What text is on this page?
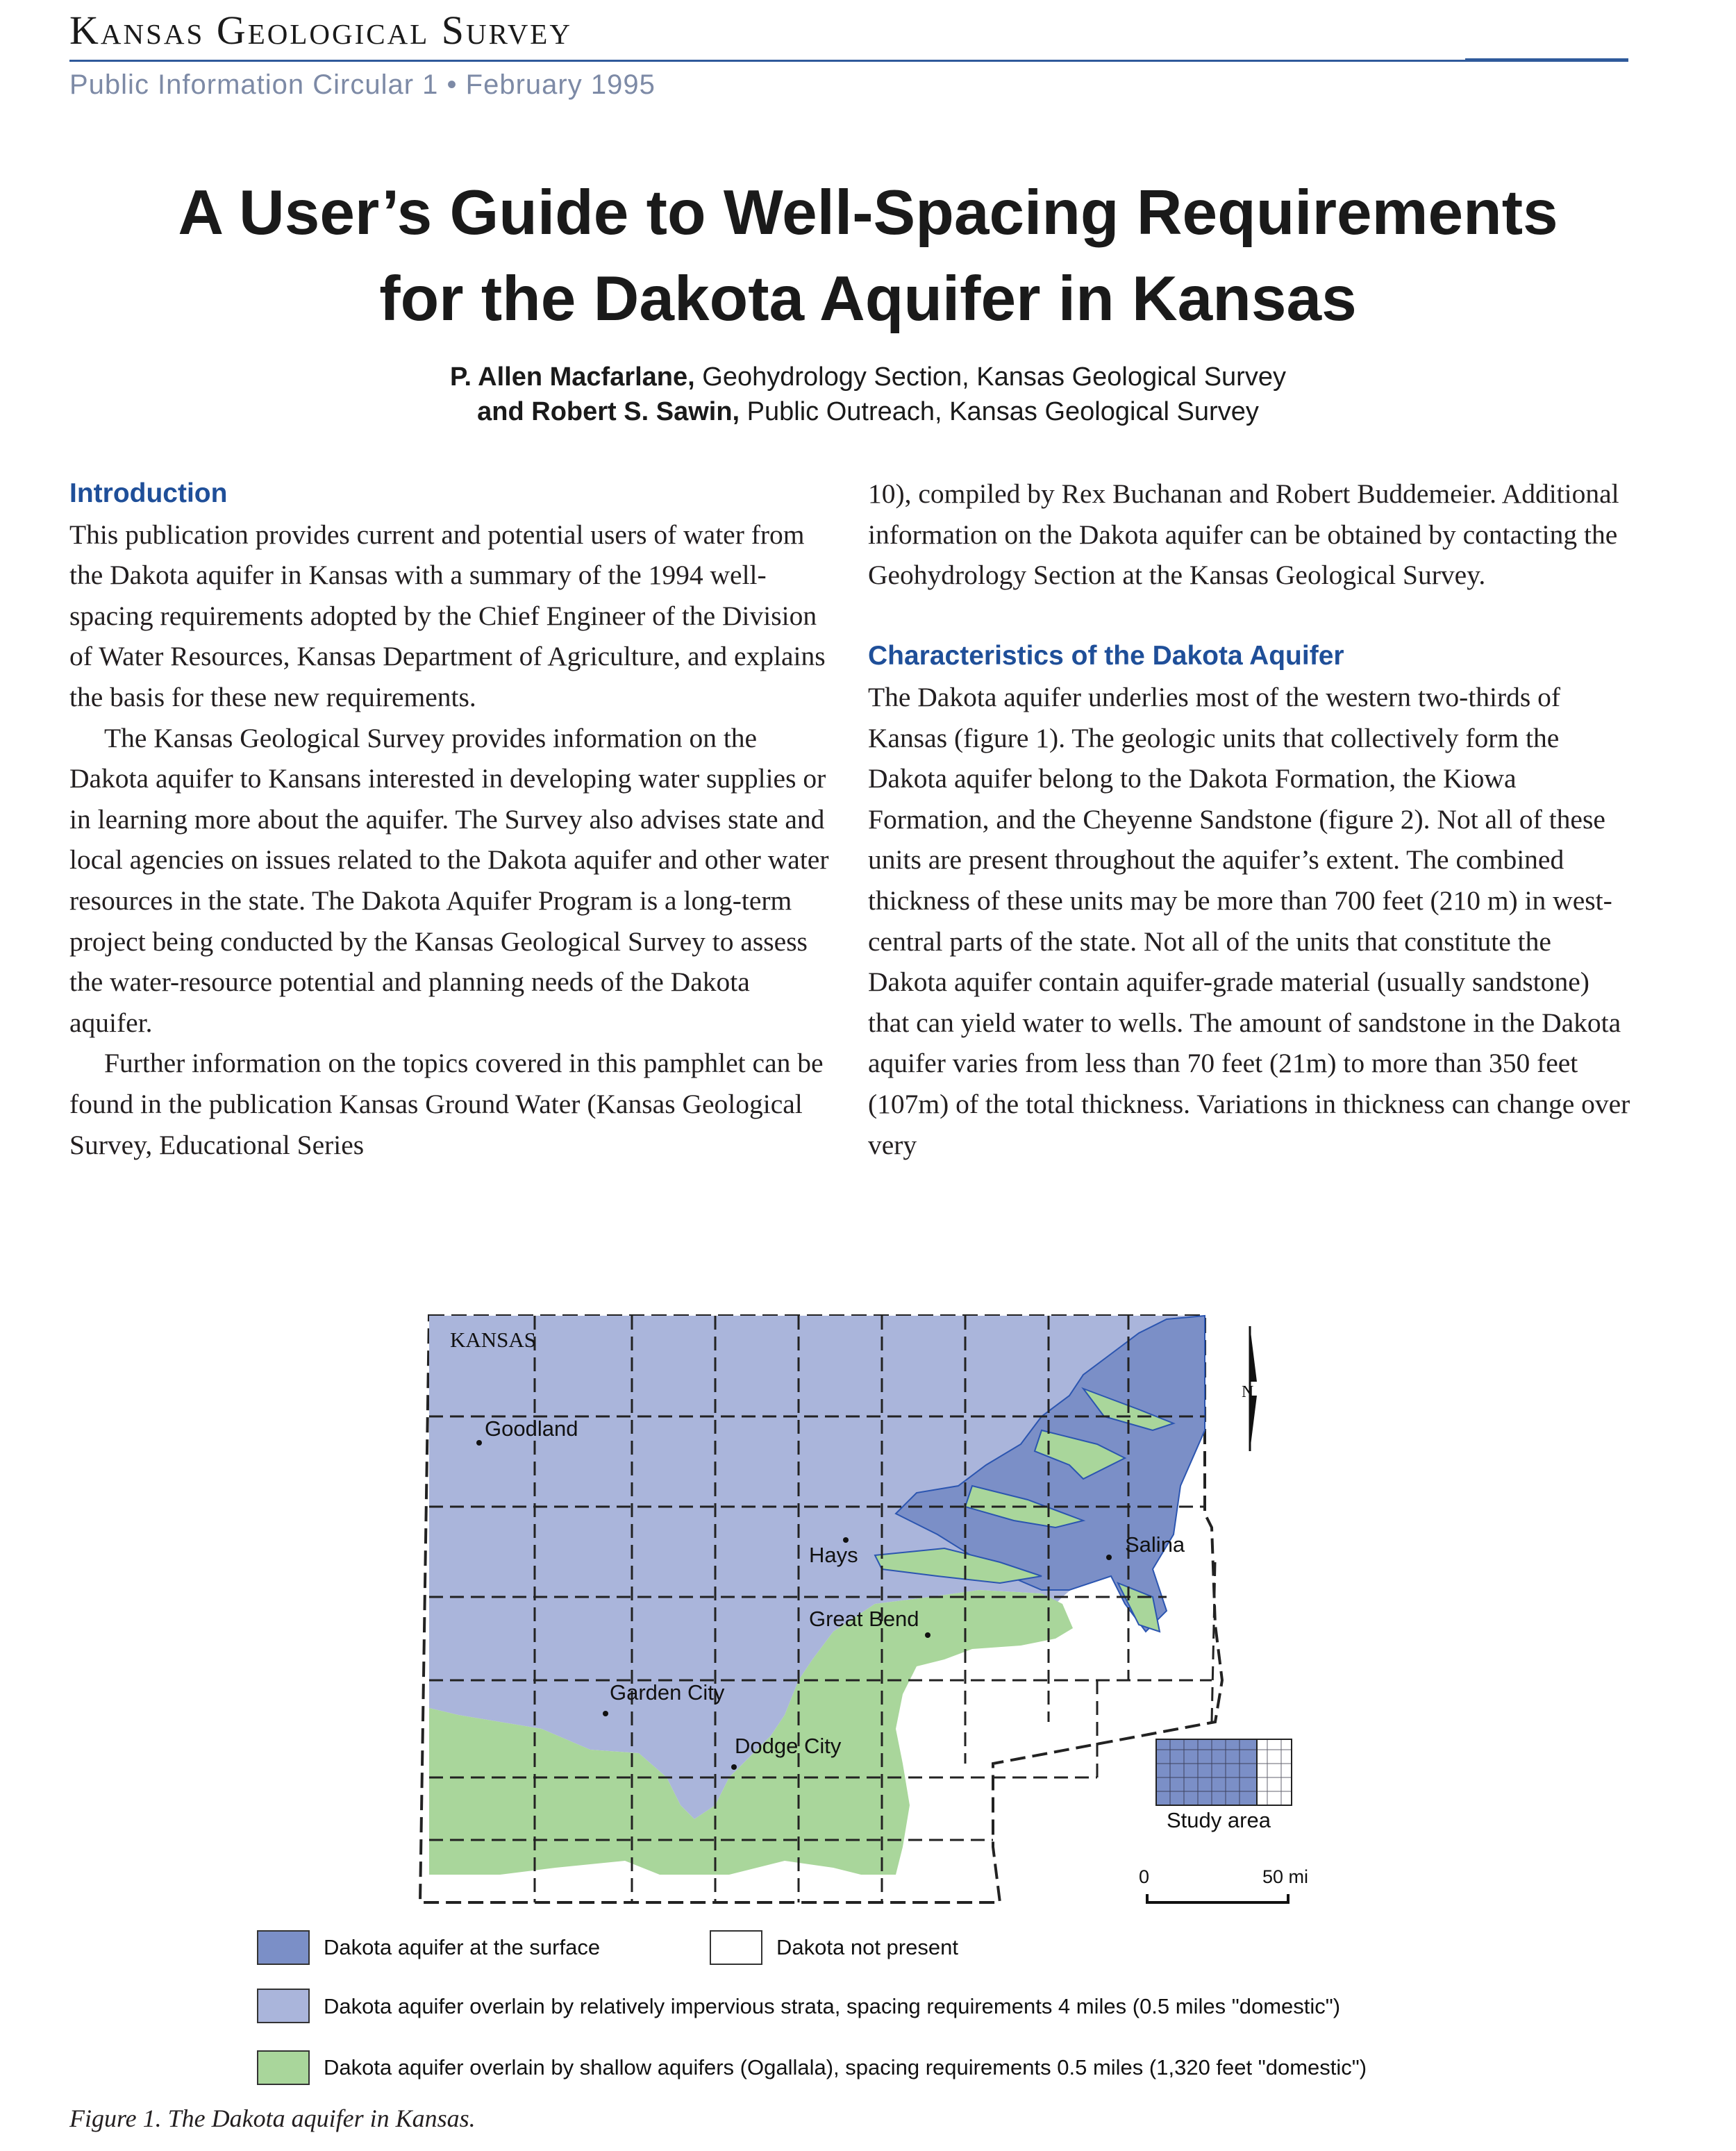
Kansas Geological Survey
Public Information Circular 1 • February 1995
A User’s Guide to Well-Spacing Requirements
for the Dakota Aquifer in Kansas
P. Allen Macfarlane, Geohydrology Section, Kansas Geological Survey
and Robert S. Sawin, Public Outreach, Kansas Geological Survey
Introduction

This publication provides current and potential users of water from the Dakota aquifer in Kansas with a summary of the 1994 well-spacing requirements adopted by the Chief Engineer of the Division of Water Resources, Kansas Department of Agriculture, and explains the basis for these new requirements.

The Kansas Geological Survey provides information on the Dakota aquifer to Kansans interested in developing water supplies or in learning more about the aquifer. The Survey also advises state and local agencies on issues related to the Dakota aquifer and other water resources in the state. The Dakota Aquifer Program is a long-term project being conducted by the Kansas Geological Survey to assess the water-resource potential and planning needs of the Dakota aquifer.

Further information on the topics covered in this pamphlet can be found in the publication Kansas Ground Water (Kansas Geological Survey, Educational Series

10), compiled by Rex Buchanan and Robert Buddemeier. Additional information on the Dakota aquifer can be obtained by contacting the Geohydrology Section at the Kansas Geological Survey.

Characteristics of the Dakota Aquifer

The Dakota aquifer underlies most of the western two-thirds of Kansas (figure 1). The geologic units that collectively form the Dakota aquifer belong to the Dakota Formation, the Kiowa Formation, and the Cheyenne Sandstone (figure 2). Not all of these units are present throughout the aquifer’s extent. The combined thickness of these units may be more than 700 feet (210 m) in west-central parts of the state. Not all of the units that constitute the Dakota aquifer contain aquifer-grade material (usually sandstone) that can yield water to wells. The amount of sandstone in the Dakota aquifer varies from less than 70 feet (21m) to more than 350 feet (107m) of the total thickness. Variations in thickness can change over very

KANSAS
Goodland
Hays	Salina
Great Bend
Garden City
Dodge City
N
Study area
0	50 mi
Dakota aquifer at the surface	Dakota not present
Dakota aquifer overlain by relatively impervious strata, spacing requirements 4 miles (0.5 miles "domestic")
Dakota aquifer overlain by shallow aquifers (Ogallala), spacing requirements 0.5 miles (1,320 feet "domestic")
Figure 1. The Dakota aquifer in Kansas.
